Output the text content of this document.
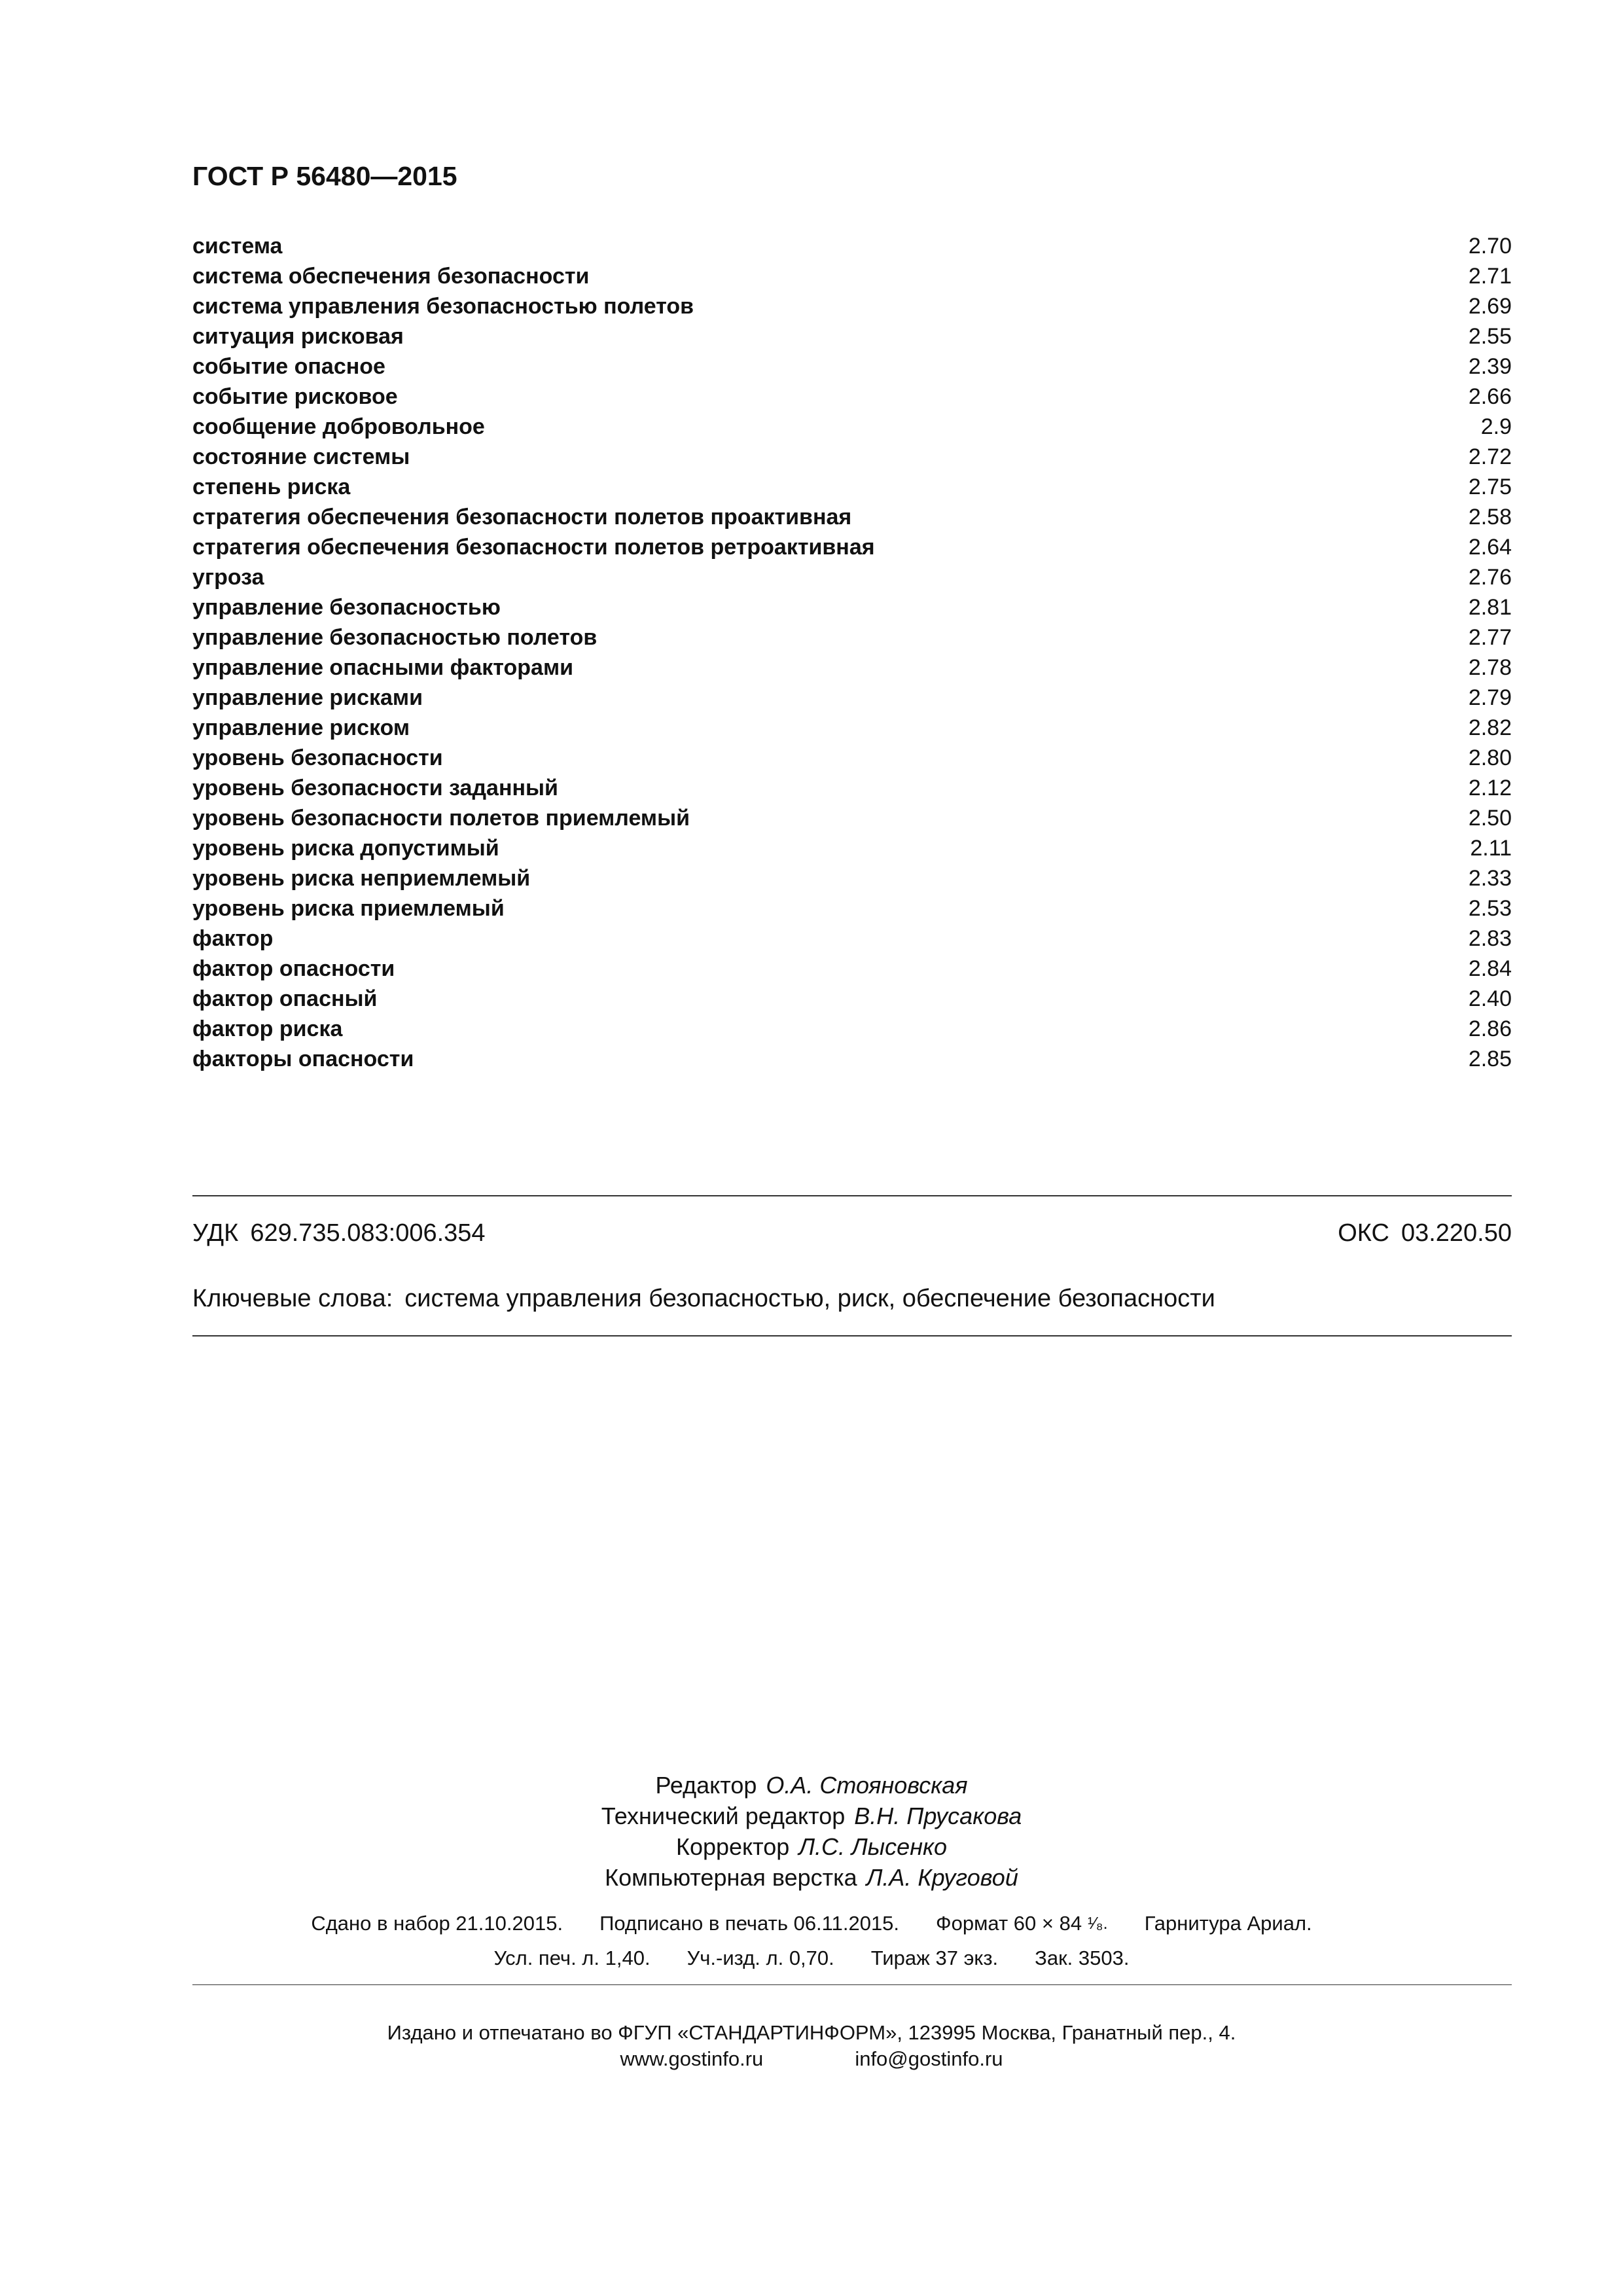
ГОСТ Р 56480—2015
система	2.70
система обеспечения безопасности	2.71
система управления безопасностью полетов	2.69
ситуация рисковая	2.55
событие опасное	2.39
событие рисковое	2.66
сообщение добровольное	2.9
состояние системы	2.72
степень риска	2.75
стратегия обеспечения безопасности полетов проактивная	2.58
стратегия обеспечения безопасности полетов ретроактивная	2.64
угроза	2.76
управление безопасностью	2.81
управление безопасностью полетов	2.77
управление опасными факторами	2.78
управление рисками	2.79
управление риском	2.82
уровень безопасности	2.80
уровень безопасности заданный	2.12
уровень безопасности полетов приемлемый	2.50
уровень риска допустимый	2.11
уровень риска неприемлемый	2.33
уровень риска приемлемый	2.53
фактор	2.83
фактор опасности	2.84
фактор опасный	2.40
фактор риска	2.86
факторы опасности	2.85
УДК 629.735.083:006.354	ОКС 03.220.50
Ключевые слова: система управления безопасностью, риск, обеспечение безопасности
Редактор О.А. Стояновская
Технический редактор В.Н. Прусакова
Корректор Л.С. Лысенко
Компьютерная верстка Л.А. Круговой
Сдано в набор 21.10.2015. Подписано в печать 06.11.2015. Формат 60 × 84 ¹⁄₈. Гарнитура Ариал.
Усл. печ. л. 1,40. Уч.-изд. л. 0,70. Тираж 37 экз. Зак. 3503.
Издано и отпечатано во ФГУП «СТАНДАРТИНФОРМ», 123995 Москва, Гранатный пер., 4.
www.gostinfo.ru	info@gostinfo.ru
